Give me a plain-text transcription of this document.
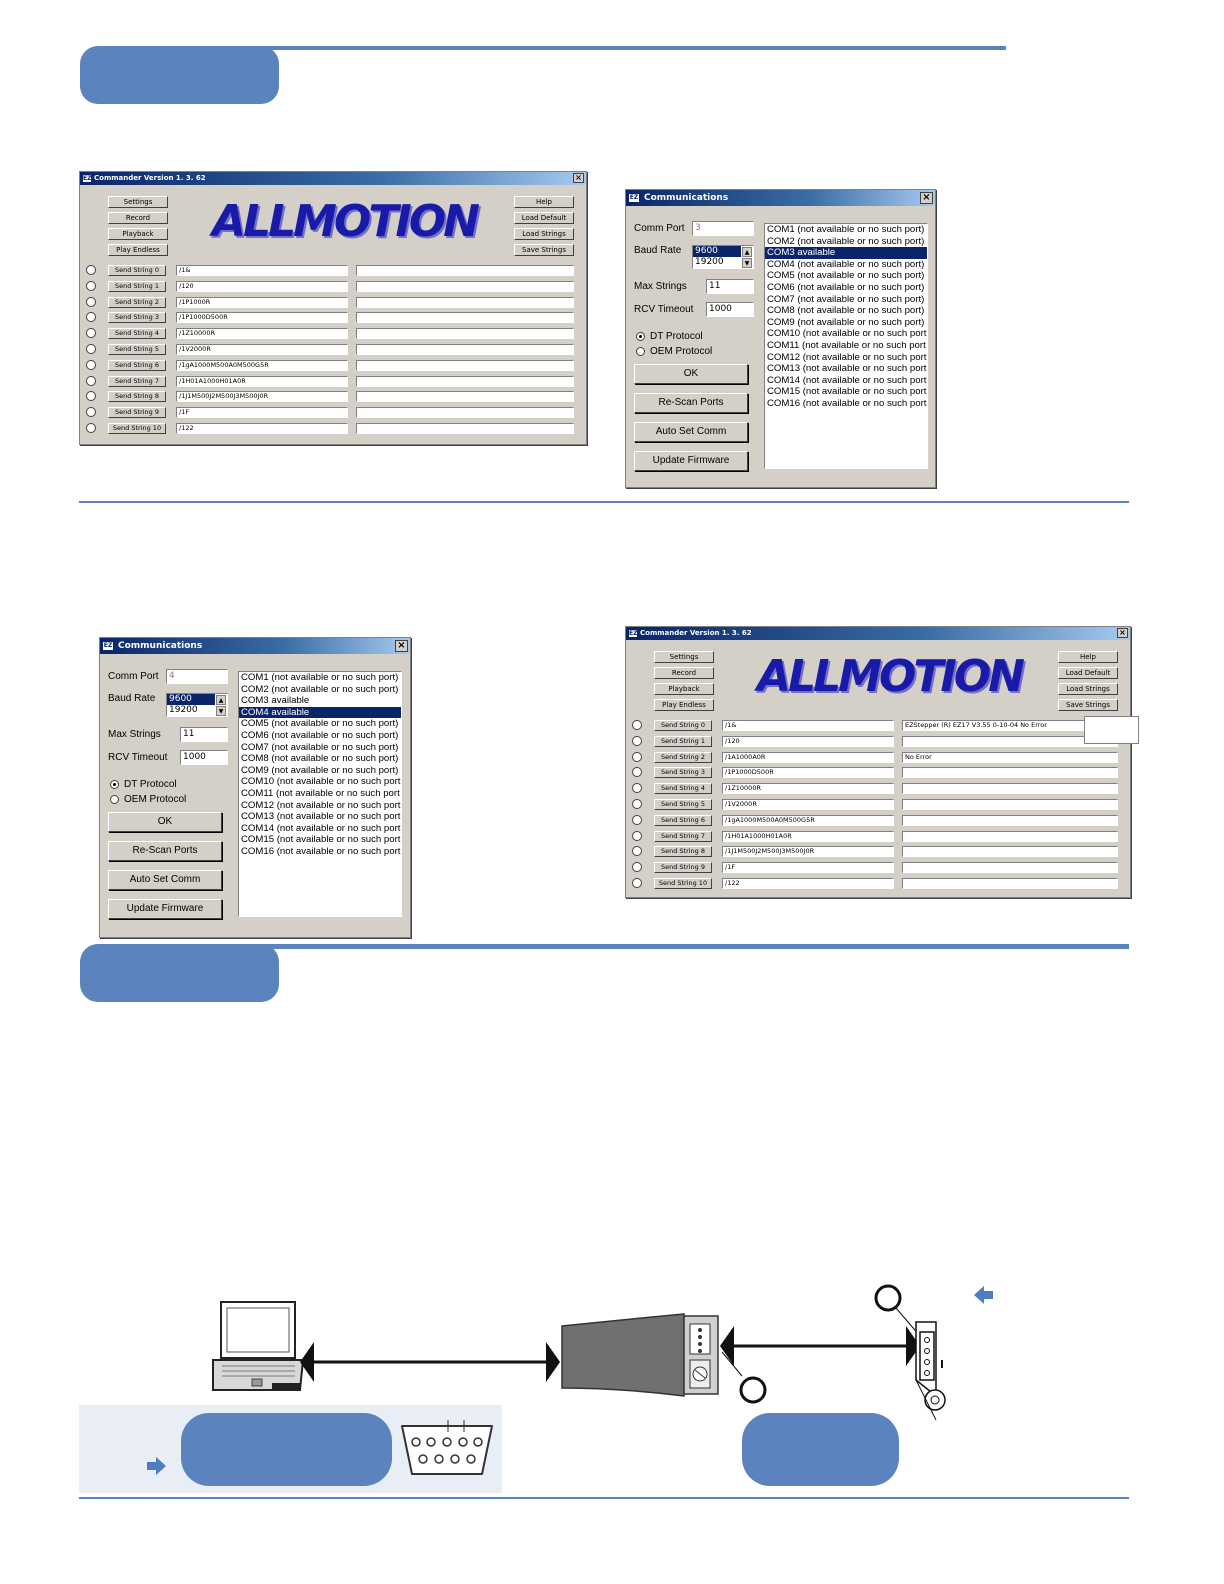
EZ Commander Version 1. 3. 62	×
ALLMOTION
Settings
Record
Playback
Play Endless
Help
Load Default
Load Strings
Save Strings
Send String 0	/1&
Send String 1	/120
Send String 2	/1P1000R
Send String 3	/1P1000D500R
Send String 4	/1Z10000R
Send String 5	/1V2000R
Send String 6	/1gA1000M500A0M500G5R
Send String 7	/1H01A1000H01A0R
Send String 8	/1J1M500J2M500J3M500J0R
Send String 9	/1F
Send String 10	/122
EZ Communications	×
Comm Port	3
Baud Rate 9600
19200
▲
▼
Max Strings	11
RCV Timeout	1000
DT Protocol
OEM Protocol
OK
Re-Scan Ports
Auto Set Comm
Update Firmware
COM1 (not available or no such port)
COM2 (not available or no such port)
COM3 available
COM4 (not available or no such port)
COM5 (not available or no such port)
COM6 (not available or no such port)
COM7 (not available or no such port)
COM8 (not available or no such port)
COM9 (not available or no such port)
COM10 (not available or no such port
COM11 (not available or no such port
COM12 (not available or no such port
COM13 (not available or no such port
COM14 (not available or no such port
COM15 (not available or no such port
COM16 (not available or no such port
EZ Communications	×
Comm Port	4
Baud Rate 9600
19200
▲
▼
Max Strings	11
RCV Timeout	1000
DT Protocol
OEM Protocol
OK
Re-Scan Ports
Auto Set Comm
Update Firmware
COM1 (not available or no such port)
COM2 (not available or no such port)
COM3 available
COM4 available
COM5 (not available or no such port)
COM6 (not available or no such port)
COM7 (not available or no such port)
COM8 (not available or no such port)
COM9 (not available or no such port)
COM10 (not available or no such port
COM11 (not available or no such port
COM12 (not available or no such port
COM13 (not available or no such port
COM14 (not available or no such port
COM15 (not available or no such port
COM16 (not available or no such port
EZ Commander Version 1. 3. 62	×
ALLMOTION
Settings
Record
Playback
Play Endless
Help
Load Default
Load Strings
Save Strings
Send String 0	/1&	EZStepper (R) EZ17 V3.55 0-10-04 No Error
Send String 1	/120
Send String 2	/1A1000A0R	No Error
Send String 3	/1P1000D500R
Send String 4	/1Z10000R
Send String 5	/1V2000R
Send String 6	/1gA1000M500A0M500G5R
Send String 7	/1H01A1000H01A0R
Send String 8	/1J1M500J2M500J3M500J0R
Send String 9	/1F
Send String 10	/122
